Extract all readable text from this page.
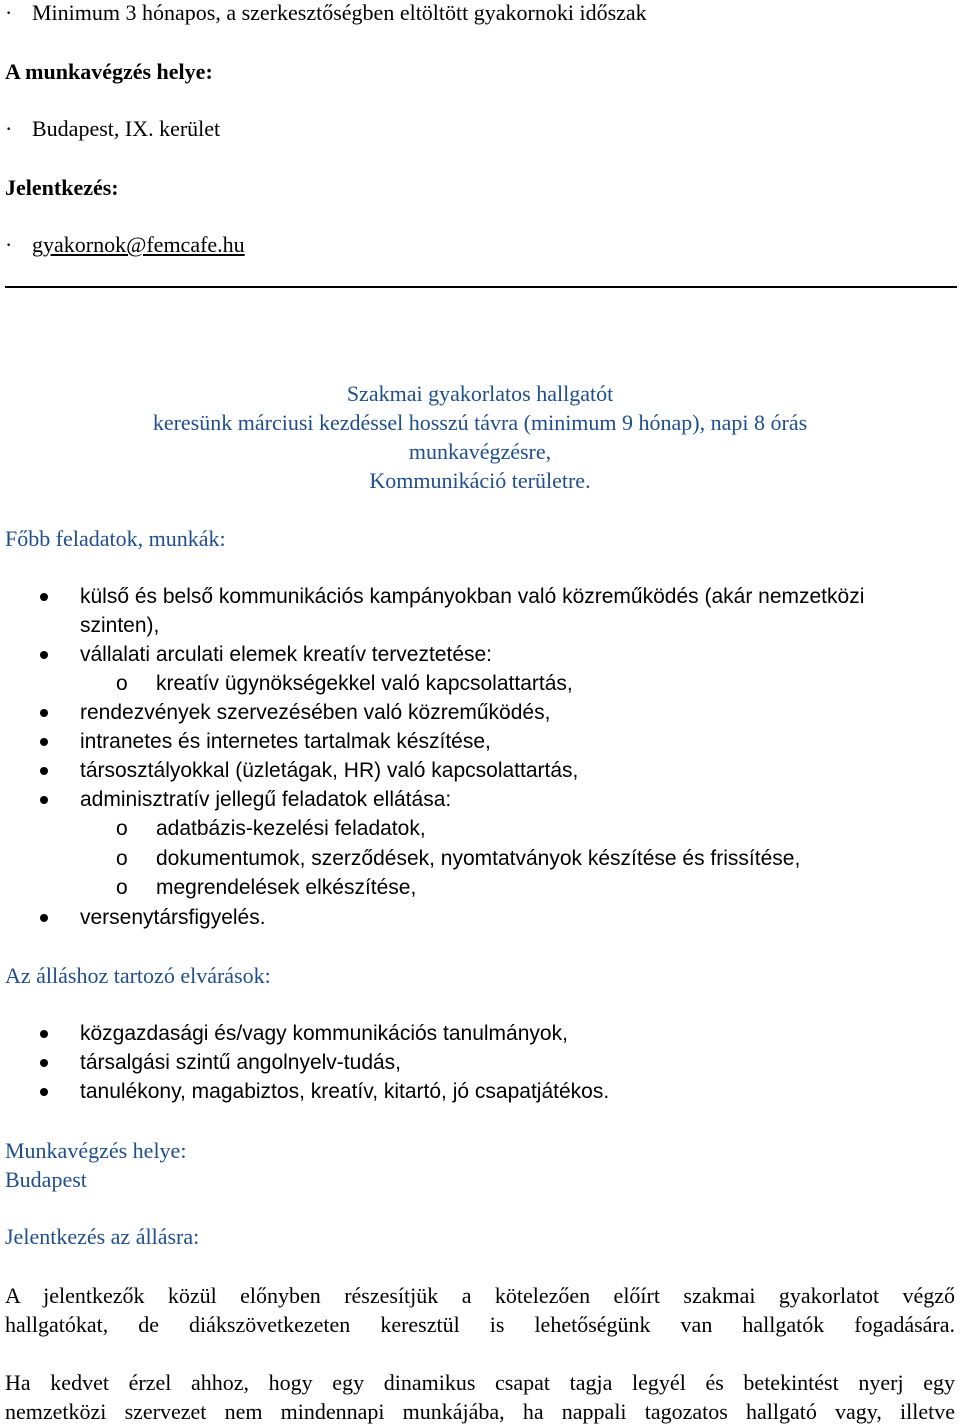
· Minimum 3 hónapos, a szerkesztőségben eltöltött gyakornoki időszak
A munkavégzés helye:
· Budapest, IX. kerület
Jelentkezés:
· gyakornok@femcafe.hu
Szakmai gyakorlatos hallgatót
keresünk márciusi kezdéssel hosszú távra (minimum 9 hónap), napi 8 órás
munkavégzésre,
Kommunikáció területre.
Főbb feladatok, munkák:
külső és belső kommunikációs kampányokban való közreműködés (akár nemzetközi
szinten),
vállalati arculati elemek kreatív terveztetése:
o kreatív ügynökségekkel való kapcsolattartás,
rendezvények szervezésében való közreműködés,
intranetes és internetes tartalmak készítése,
társosztályokkal (üzletágak, HR) való kapcsolattartás,
adminisztratív jellegű feladatok ellátása:
o adatbázis-kezelési feladatok,
o dokumentumok, szerződések, nyomtatványok készítése és frissítése,
o megrendelések elkészítése,
versenytársfigyelés.
Az álláshoz tartozó elvárások:
közgazdasági és/vagy kommunikációs tanulmányok,
társalgási szintű angolnyelv-tudás,
tanulékony, magabiztos, kreatív, kitartó, jó csapatjátékos.
Munkavégzés helye:
Budapest
Jelentkezés az állásra:
A jelentkezők közül előnyben részesítjük a kötelezően előírt szakmai gyakorlatot végző
hallgatókat, de diákszövetkezeten keresztül is lehetőségünk van hallgatók fogadására.
Ha kedvet érzel ahhoz, hogy egy dinamikus csapat tagja legyél és betekintést nyerj egy
nemzetközi szervezet nem mindennapi munkájába, ha nappali tagozatos hallgató vagy, illetve
